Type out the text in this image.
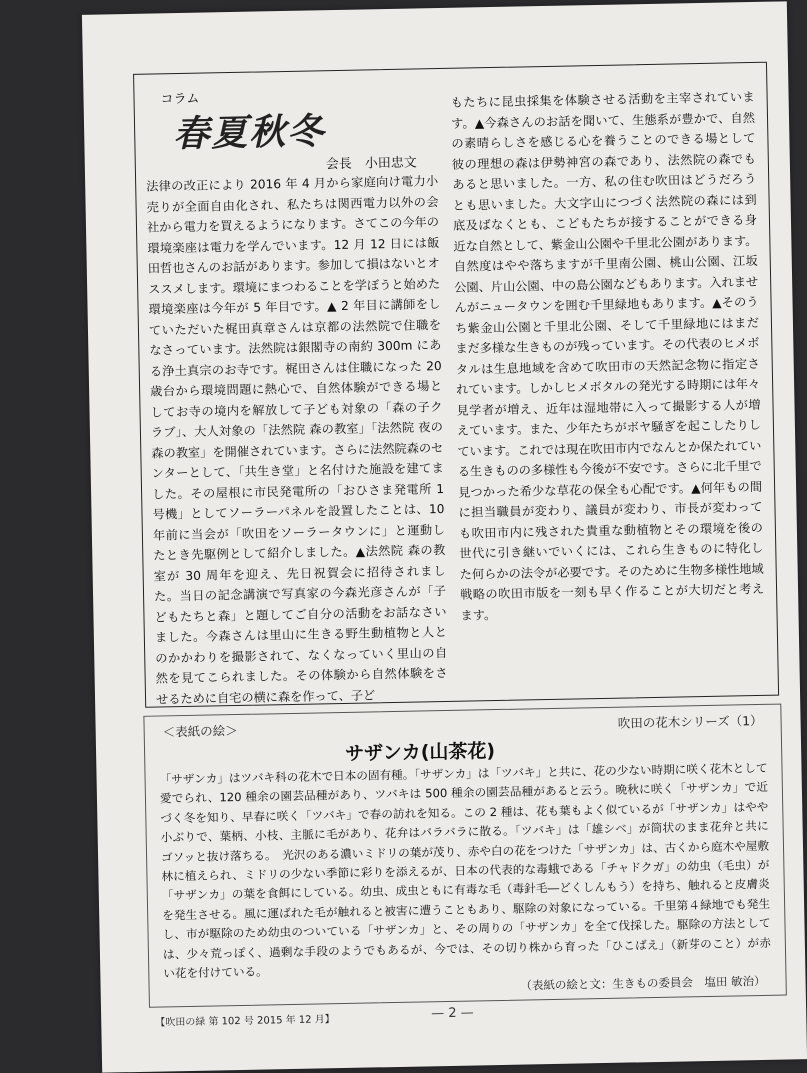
コラム
春夏秋冬
会長　小田忠文
法律の改正により 2016 年 4 月から家庭向け電力小売りが全面自由化され、私たちは関西電力以外の会社から電力を買えるようになります。さてこの今年の環境楽座は電力を学んでいます。12 月 12 日には飯田哲也さんのお話があります。参加して損はないとオススメします。環境にまつわることを学ぼうと始めた環境楽座は今年が 5 年目です。▲ 2 年目に講師をしていただいた梶田真章さんは京都の法然院で住職をなさっています。法然院は銀閣寺の南約 300m にある浄土真宗のお寺です。梶田さんは住職になった 20 歳台から環境問題に熱心で、自然体験ができる場としてお寺の境内を解放して子ども対象の「森の子クラブ」、大人対象の「法然院 森の教室」「法然院 夜の森の教室」を開催されています。さらに法然院森のセンターとして、「共生き堂」と名付けた施設を建てました。その屋根に市民発電所の「おひさま発電所 1 号機」としてソーラーパネルを設置したことは、10 年前に当会が「吹田をソーラータウンに」と運動したとき先駆例として紹介しました。▲法然院 森の教室が 30 周年を迎え、先日祝賀会に招待されました。当日の記念講演で写真家の今森光彦さんが「子どもたちと森」と題してご自分の活動をお話なさいました。今森さんは里山に生きる野生動植物と人とのかかわりを撮影されて、なくなっていく里山の自然を見てこられました。その体験から自然体験をさせるために自宅の横に森を作って、子ど
もたちに昆虫採集を体験させる活動を主宰されています。▲今森さんのお話を聞いて、生態系が豊かで、自然の素晴らしさを感じる心を養うことのできる場として彼の理想の森は伊勢神宮の森であり、法然院の森でもあると思いました。一方、私の住む吹田はどうだろうとも思いました。大文字山につづく法然院の森には到底及ばなくとも、こどもたちが接することができる身近な自然として、紫金山公園や千里北公園があります。自然度はやや落ちますが千里南公園、桃山公園、江坂公園、片山公園、中の島公園などもあります。入れませんがニュータウンを囲む千里緑地もあります。▲そのうち紫金山公園と千里北公園、そして千里緑地にはまだまだ多様な生きものが残っています。その代表のヒメボタルは生息地域を含めて吹田市の天然記念物に指定されています。しかしヒメボタルの発光する時期には年々見学者が増え、近年は湿地帯に入って撮影する人が増えています。また、少年たちがボヤ騒ぎを起こしたりしています。これでは現在吹田市内でなんとか保たれている生きものの多様性も今後が不安です。さらに北千里で見つかった希少な草花の保全も心配です。▲何年もの間に担当職員が変わり、議員が変わり、市長が変わっても吹田市内に残された貴重な動植物とその環境を後の世代に引き継いでいくには、これら生きものに特化した何らかの法令が必要です。そのために生物多様性地域戦略の吹田市版を一刻も早く作ることが大切だと考えます。
＜表紙の絵＞
吹田の花木シリーズ（1）
サザンカ(山茶花)
「サザンカ」はツバキ科の花木で日本の固有種。「サザンカ」は「ツバキ」と共に、花の少ない時期に咲く花木として愛でられ、120 種余の園芸品種があり、ツバキは 500 種余の園芸品種があると云う。晩秋に咲く「サザンカ」で近づく冬を知り、早春に咲く「ツバキ」で春の訪れを知る。この 2 種は、花も葉もよく似ているが「サザンカ」はやや小ぶりで、葉柄、小枝、主脈に毛があり、花弁はバラバラに散る。「ツバキ」は「雄シベ」が筒状のまま花弁と共にゴソッと抜け落ちる。　光沢のある濃いミドリの葉が茂り、赤や白の花をつけた「サザンカ」は、古くから庭木や屋敷林に植えられ、ミドリの少ない季節に彩りを添えるが、日本の代表的な毒蛾である「チャドクガ」の幼虫（毛虫）が「サザンカ」の葉を食餌にしている。幼虫、成虫ともに有毒な毛（毒針毛―どくしんもう）を持ち、触れると皮膚炎を発生させる。風に運ばれた毛が触れると被害に遭うこともあり、駆除の対象になっている。千里第４緑地でも発生し、市が駆除のため幼虫のついている「サザンカ」と、その周りの「サザンカ」を全て伐採した。駆除の方法としては、少々荒っぽく、過剰な手段のようでもあるが、今では、その切り株から育った「ひこばえ」（新芽のこと）が赤い花を付けている。
（表紙の絵と文：生きもの委員会　塩田 敏治）
【吹田の緑 第 102 号 2015 年 12 月】
— 2 —
